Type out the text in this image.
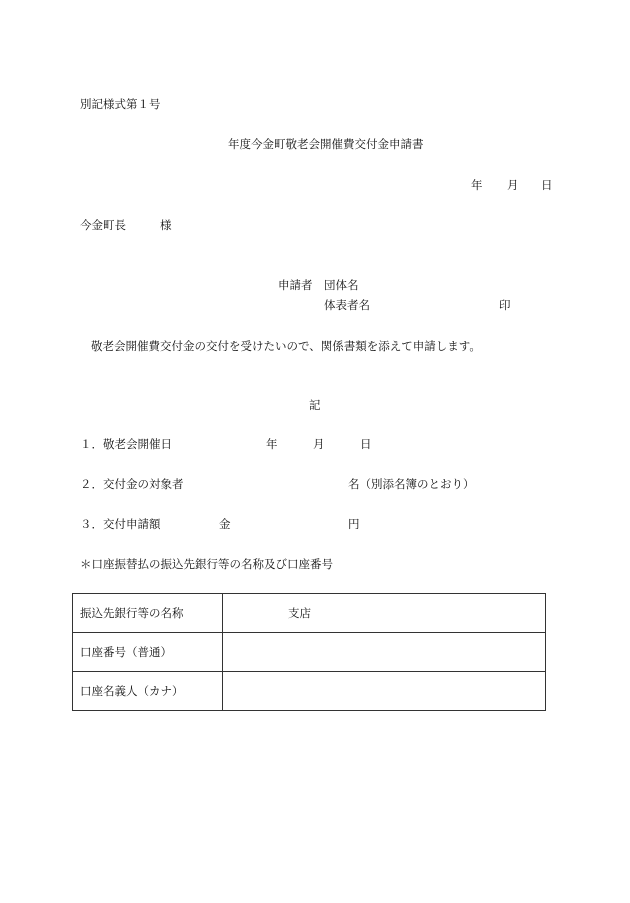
別記様式第１号
年度今金町敬老会開催費交付金申請書
年 月 日
今金町長	様
申請者 団体名
体表者名	印
敬老会開催費交付金の交付を受けたいので、関係書類を添えて申請します。
記
１．敬老会開催日	年	月	日
２．交付金の対象者	名（別添名簿のとおり）
３．交付申請額	金	円
＊口座振替払の振込先銀行等の名称及び口座番号
振込先銀行等の名称	支店
口座番号（普通）	
口座名義人（カナ）	
